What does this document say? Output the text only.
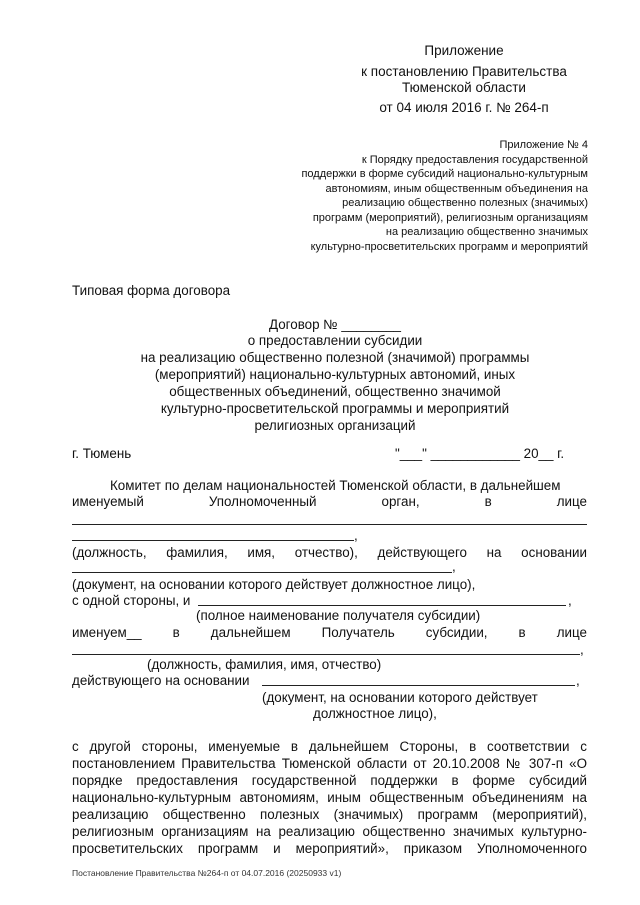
Приложение
к постановлению Правительства
Тюменской области
от 04 июля 2016 г. № 264-п
Приложение № 4
к Порядку предоставления государственной
поддержки в форме субсидий национально-культурным
автономиям, иным общественным объединения на
реализацию общественно полезных (значимых)
программ (мероприятий), религиозным организациям
на реализацию общественно значимых
культурно-просветительских программ и мероприятий
Типовая форма договора
Договор № ________
о предоставлении субсидии
на реализацию общественно полезной (значимой) программы
(мероприятий) национально-культурных автономий, иных
общественных объединений, общественно значимой
культурно-просветительской программы и мероприятий
религиозных организаций
г. Тюмень	"___" ____________ 20__ г.
Комитет по делам национальностей Тюменской области, в дальнейшем
именуемый	Уполномоченный	орган,	в	лице
,
(должность, фамилия, имя, отчество), действующего на основании
,
(документ, на основании которого действует должностное лицо),
с одной стороны, и	,
(полное наименование получателя субсидии)
именуем__ в дальнейшем Получатель субсидии, в лице
,
(должность, фамилия, имя, отчество)
действующего на основании	,
(документ, на основании которого действует
должностное лицо),
с другой стороны, именуемые в дальнейшем Стороны, в соответствии с
постановлением Правительства Тюменской области от 20.10.2008 № 307-п «О
порядке предоставления государственной поддержки в форме субсидий
национально-культурным автономиям, иным общественным объединениям на
реализацию общественно полезных (значимых) программ (мероприятий),
религиозным организациям на реализацию общественно значимых культурно-
просветительских программ и мероприятий», приказом Уполномоченного
Постановление Правительства №264-п от 04.07.2016 (20250933 v1)
